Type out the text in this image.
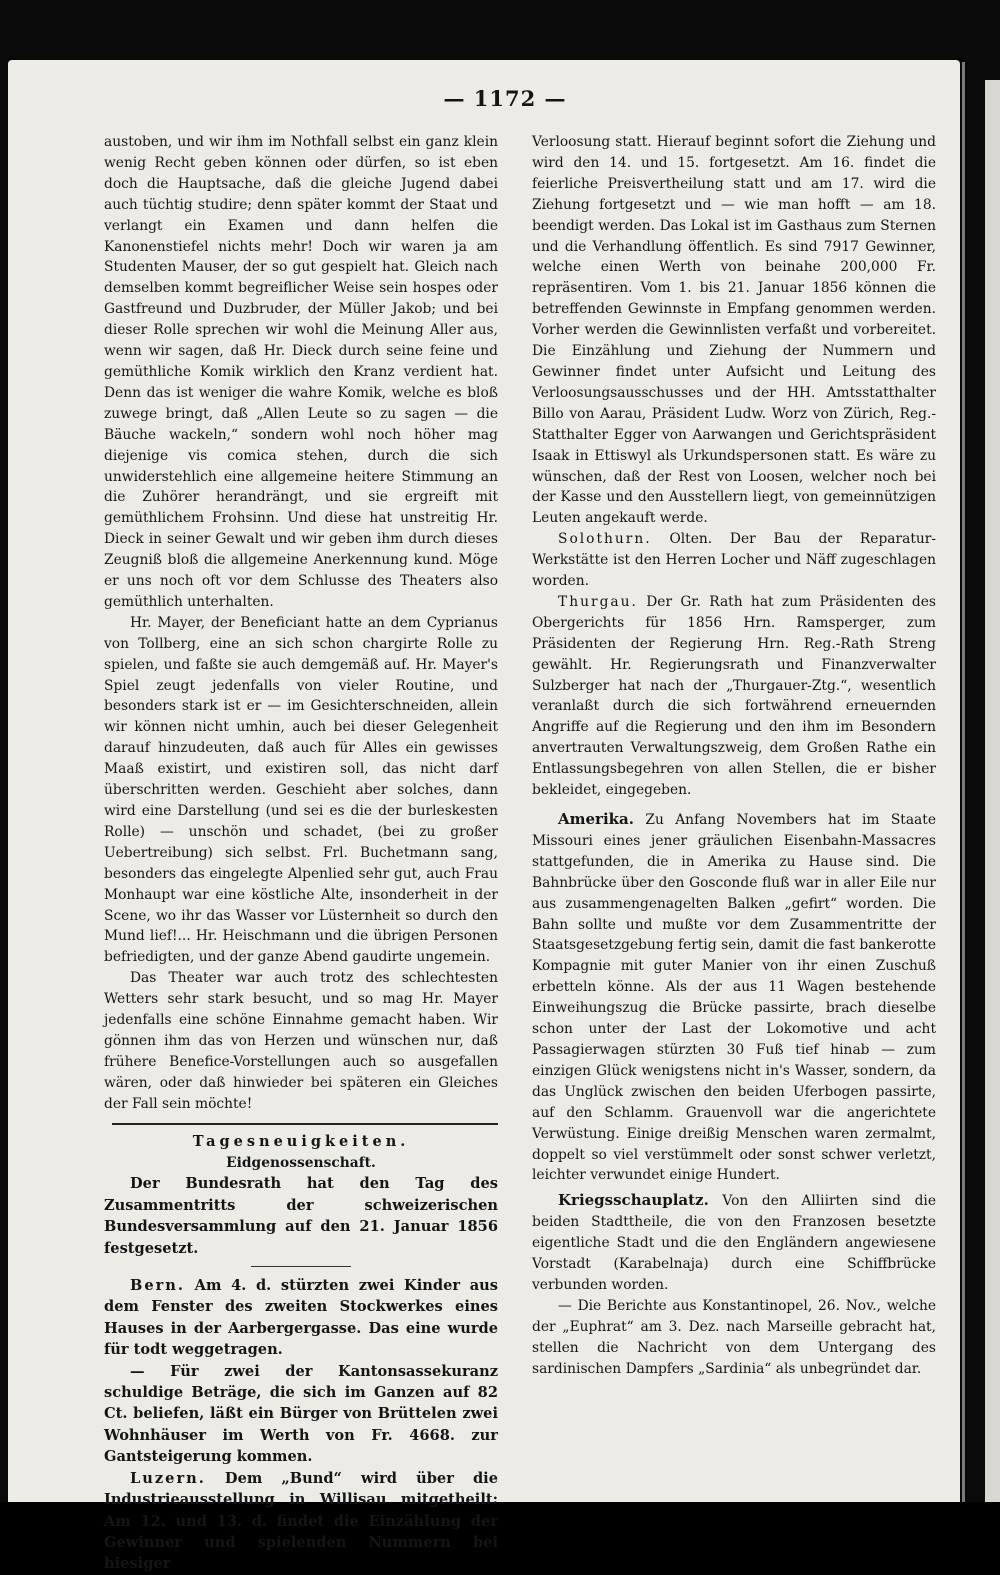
— 1172 —

austoben, und wir ihm im Nothfall selbst ein ganz klein wenig Recht geben können oder dürfen, so ist eben doch die Hauptsache, daß die gleiche Jugend dabei auch tüchtig studire; denn später kommt der Staat und verlangt ein Examen und dann helfen die Kanonenstiefel nichts mehr! Doch wir waren ja am Studenten Mauser, der so gut gespielt hat. Gleich nach demselben kommt begreiflicher Weise sein hospes oder Gastfreund und Duzbruder, der Müller Jakob; und bei dieser Rolle sprechen wir wohl die Meinung Aller aus, wenn wir sagen, daß Hr. Dieck durch seine feine und gemüthliche Komik wirklich den Kranz verdient hat. Denn das ist weniger die wahre Komik, welche es bloß zuwege bringt, daß „Allen Leute so zu sagen — die Bäuche wackeln,“ sondern wohl noch höher mag diejenige vis comica stehen, durch die sich unwiderstehlich eine allgemeine heitere Stimmung an die Zuhörer herandrängt, und sie ergreift mit gemüthlichem Frohsinn. Und diese hat unstreitig Hr. Dieck in seiner Gewalt und wir geben ihm durch dieses Zeugniß bloß die allgemeine Anerkennung kund. Möge er uns noch oft vor dem Schlusse des Theaters also gemüthlich unterhalten.

Hr. Mayer, der Beneficiant hatte an dem Cyprianus von Tollberg, eine an sich schon chargirte Rolle zu spielen, und faßte sie auch demgemäß auf. Hr. Mayer's Spiel zeugt jedenfalls von vieler Routine, und besonders stark ist er — im Gesichterschneiden, allein wir können nicht umhin, auch bei dieser Gelegenheit darauf hinzudeuten, daß auch für Alles ein gewisses Maaß existirt, und existiren soll, das nicht darf überschritten werden. Geschieht aber solches, dann wird eine Darstellung (und sei es die der burleskesten Rolle) — unschön und schadet, (bei zu großer Uebertreibung) sich selbst. Frl. Buchetmann sang, besonders das eingelegte Alpenlied sehr gut, auch Frau Monhaupt war eine köstliche Alte, insonderheit in der Scene, wo ihr das Wasser vor Lüsternheit so durch den Mund lief!... Hr. Heischmann und die übrigen Personen befriedigten, und der ganze Abend gaudirte ungemein.

Das Theater war auch trotz des schlechtesten Wetters sehr stark besucht, und so mag Hr. Mayer jedenfalls eine schöne Einnahme gemacht haben. Wir gönnen ihm das von Herzen und wünschen nur, daß frühere Benefice-Vorstellungen auch so ausgefallen wären, oder daß hinwieder bei späteren ein Gleiches der Fall sein möchte!

Tagesneuigkeiten.

Eidgenossenschaft.

Der Bundesrath hat den Tag des Zusammentritts der schweizerischen Bundesversammlung auf den 21. Januar 1856 festgesetzt.

Bern. Am 4. d. stürzten zwei Kinder aus dem Fenster des zweiten Stockwerkes eines Hauses in der Aarbergergasse. Das eine wurde für todt weggetragen.

— Für zwei der Kantonsassekuranz schuldige Beträge, die sich im Ganzen auf 82 Ct. beliefen, läßt ein Bürger von Brüttelen zwei Wohnhäuser im Werth von Fr. 4668. zur Gantsteigerung kommen.

Luzern. Dem „Bund“ wird über die Industrieausstellung in Willisau mitgetheilt: Am 12. und 13. d. findet die Einzählung der Gewinner und spielenden Nummern bei hiesiger

Verloosung statt. Hierauf beginnt sofort die Ziehung und wird den 14. und 15. fortgesetzt. Am 16. findet die feierliche Preisvertheilung statt und am 17. wird die Ziehung fortgesetzt und — wie man hofft — am 18. beendigt werden. Das Lokal ist im Gasthaus zum Sternen und die Verhandlung öffentlich. Es sind 7917 Gewinner, welche einen Werth von beinahe 200,000 Fr. repräsentiren. Vom 1. bis 21. Januar 1856 können die betreffenden Gewinnste in Empfang genommen werden. Vorher werden die Gewinnlisten verfaßt und vorbereitet. Die Einzählung und Ziehung der Nummern und Gewinner findet unter Aufsicht und Leitung des Verloosungsausschusses und der HH. Amtsstatthalter Billo von Aarau, Präsident Ludw. Worz von Zürich, Reg.-Statthalter Egger von Aarwangen und Gerichtspräsident Isaak in Ettiswyl als Urkundspersonen statt. Es wäre zu wünschen, daß der Rest von Loosen, welcher noch bei der Kasse und den Ausstellern liegt, von gemeinnützigen Leuten angekauft werde.

Solothurn. Olten. Der Bau der Reparatur-Werkstätte ist den Herren Locher und Näff zugeschlagen worden.

Thurgau. Der Gr. Rath hat zum Präsidenten des Obergerichts für 1856 Hrn. Ramsperger, zum Präsidenten der Regierung Hrn. Reg.-Rath Streng gewählt. Hr. Regierungsrath und Finanzverwalter Sulzberger hat nach der „Thurgauer-Ztg.“, wesentlich veranlaßt durch die sich fortwährend erneuernden Angriffe auf die Regierung und den ihm im Besondern anvertrauten Verwaltungszweig, dem Großen Rathe ein Entlassungsbegehren von allen Stellen, die er bisher bekleidet, eingegeben.

Amerika. Zu Anfang Novembers hat im Staate Missouri eines jener gräulichen Eisenbahn-Massacres stattgefunden, die in Amerika zu Hause sind. Die Bahnbrücke über den Gosconde fluß war in aller Eile nur aus zusammengenagelten Balken „gefirt“ worden. Die Bahn sollte und mußte vor dem Zusammentritte der Staatsgesetzgebung fertig sein, damit die fast bankerotte Kompagnie mit guter Manier von ihr einen Zuschuß erbetteln könne. Als der aus 11 Wagen bestehende Einweihungszug die Brücke passirte, brach dieselbe schon unter der Last der Lokomotive und acht Passagierwagen stürzten 30 Fuß tief hinab — zum einzigen Glück wenigstens nicht in's Wasser, sondern, da das Unglück zwischen den beiden Uferbogen passirte, auf den Schlamm. Grauenvoll war die angerichtete Verwüstung. Einige dreißig Menschen waren zermalmt, doppelt so viel verstümmelt oder sonst schwer verletzt, leichter verwundet einige Hundert.

Kriegsschauplatz. Von den Alliirten sind die beiden Stadttheile, die von den Franzosen besetzte eigentliche Stadt und die den Engländern angewiesene Vorstadt (Karabelnaja) durch eine Schiffbrücke verbunden worden.

— Die Berichte aus Konstantinopel, 26. Nov., welche der „Euphrat“ am 3. Dez. nach Marseille gebracht hat, stellen die Nachricht von dem Untergang des sardinischen Dampfers „Sardinia“ als unbegründet dar.
